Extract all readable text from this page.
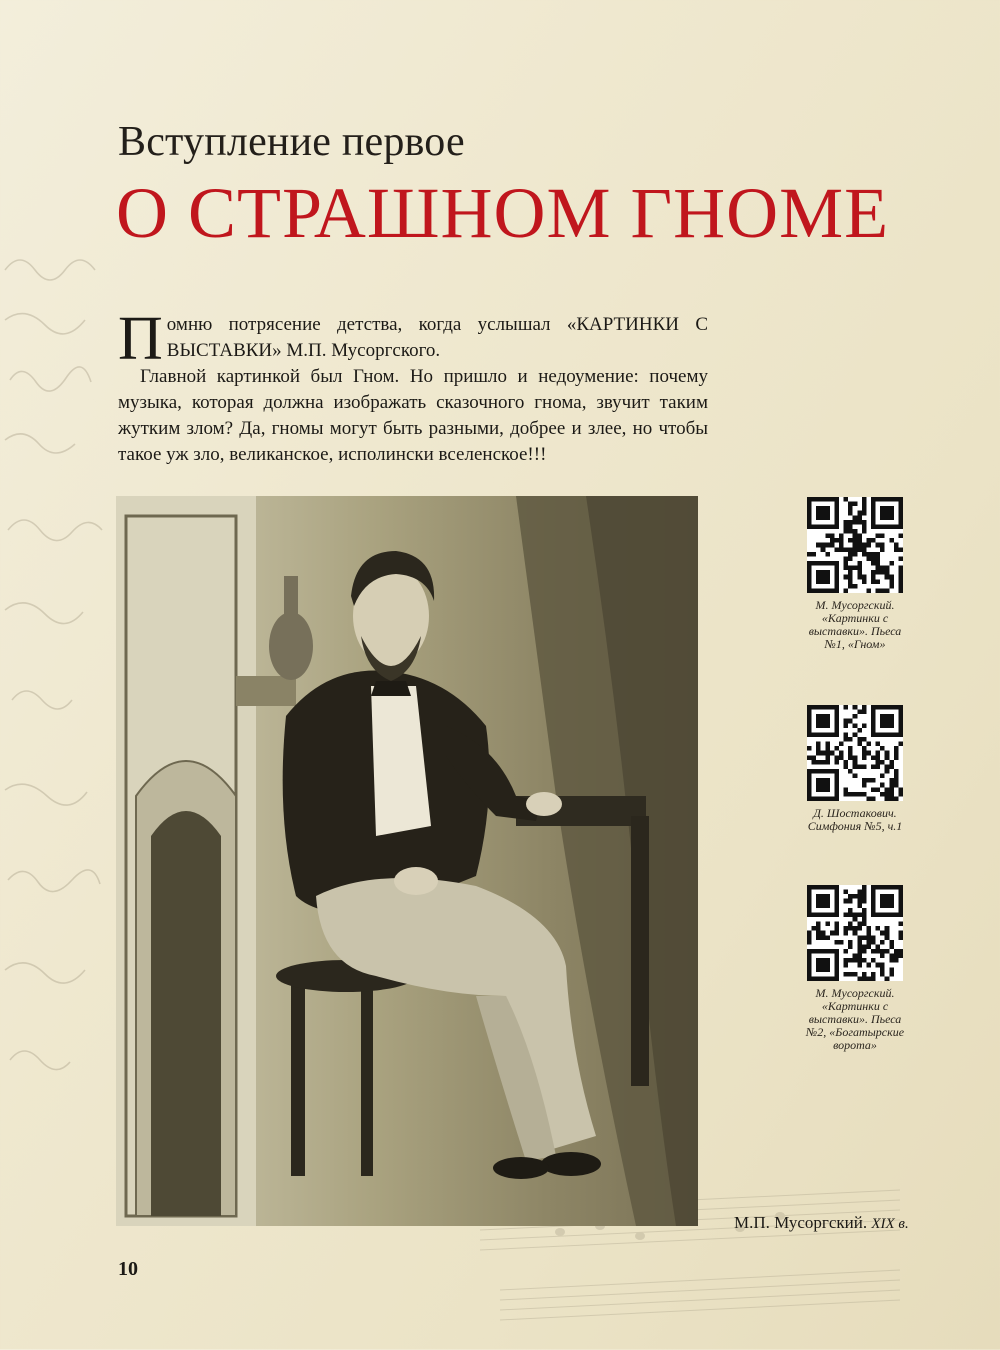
Вступление первое
О СТРАШНОМ ГНОМЕ

Помню потрясение детства, когда услышал «КАРТИНКИ С ВЫСТАВКИ» М.П. Мусоргского.

Главной картинкой был Гном. Но пришло и недоумение: почему музыка, которая должна изображать сказочного гнома, звучит таким жутким злом? Да, гномы могут быть разными, добрее и злее, но чтобы такое уж зло, великанское, исполински вселенское!!!

М.П. Мусоргский. XIX в.
М. Мусоргский. «Картинки с выставки». Пьеса №1, «Гном»
Д. Шостакович. Симфония №5, ч.1
М. Мусоргский. «Картинки с выставки». Пьеса №2, «Богатырские ворота»
10
